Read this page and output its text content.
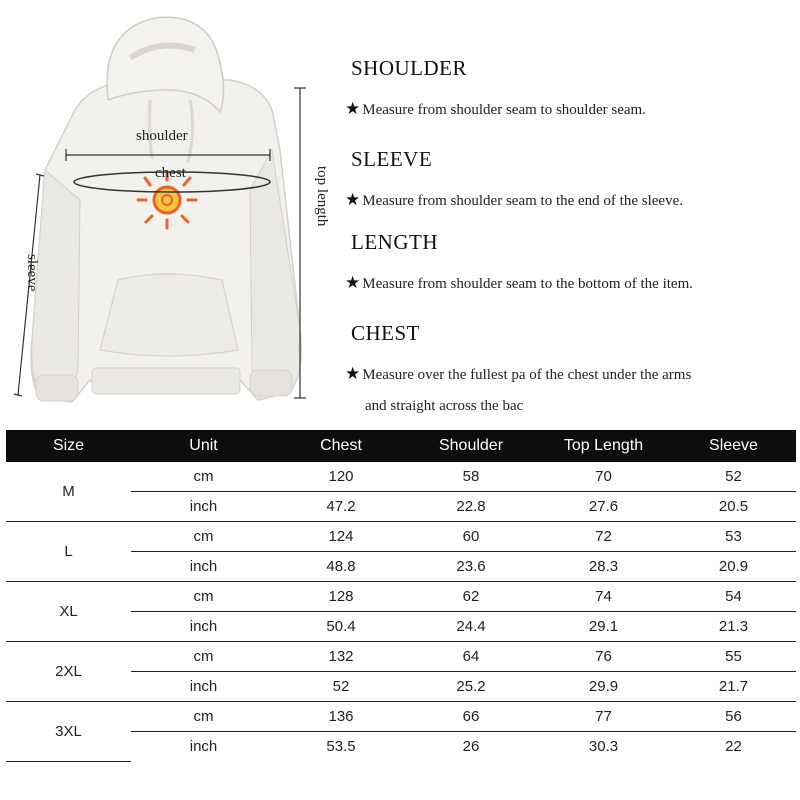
shoulder
chest
sleeve
top length
SHOULDER
★ Measure from shoulder seam to shoulder seam.
SLEEVE
★ Measure from shoulder seam to the end of the sleeve.
LENGTH
★ Measure from shoulder seam to the bottom of the item.
CHEST
★ Measure over the fullest pa of the chest under the arms
and straight across the bac
Size	Unit	Chest	Shoulder	Top Length	Sleeve
M	cm	120	58	70	52
	inch	47.2	22.8	27.6	20.5
L	cm	124	60	72	53
	inch	48.8	23.6	28.3	20.9
XL	cm	128	62	74	54
	inch	50.4	24.4	29.1	21.3
2XL	cm	132	64	76	55
	inch	52	25.2	29.9	21.7
3XL	cm	136	66	77	56
	inch	53.5	26	30.3	22
